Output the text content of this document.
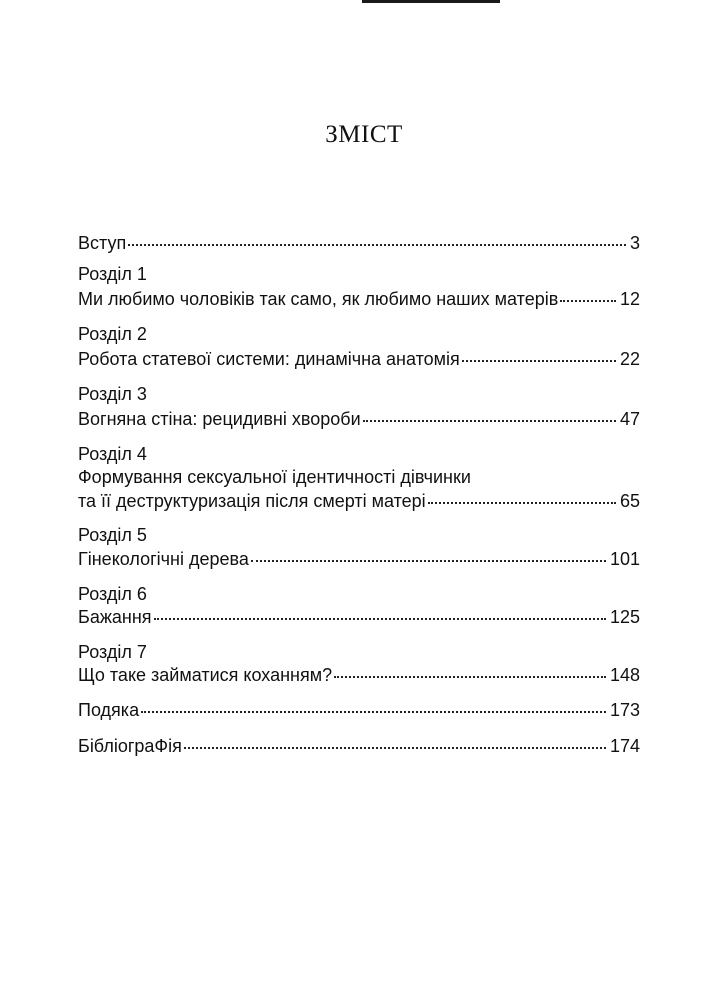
ЗМІСТ
Вступ	3
Розділ 1
Ми любимо чоловіків так само, як любимо наших матерів	12
Розділ 2
Робота статевої системи: динамічна анатомія	22
Розділ 3
Вогняна стіна: рецидивні хвороби	47
Розділ 4
Формування сексуальної ідентичності дівчинки
та її деструктуризація після смерті матері	65
Розділ 5
Гінекологічні дерева	101
Розділ 6
Бажання	125
Розділ 7
Що таке займатися коханням?	148
Подяка	173
БібліограФія	174
